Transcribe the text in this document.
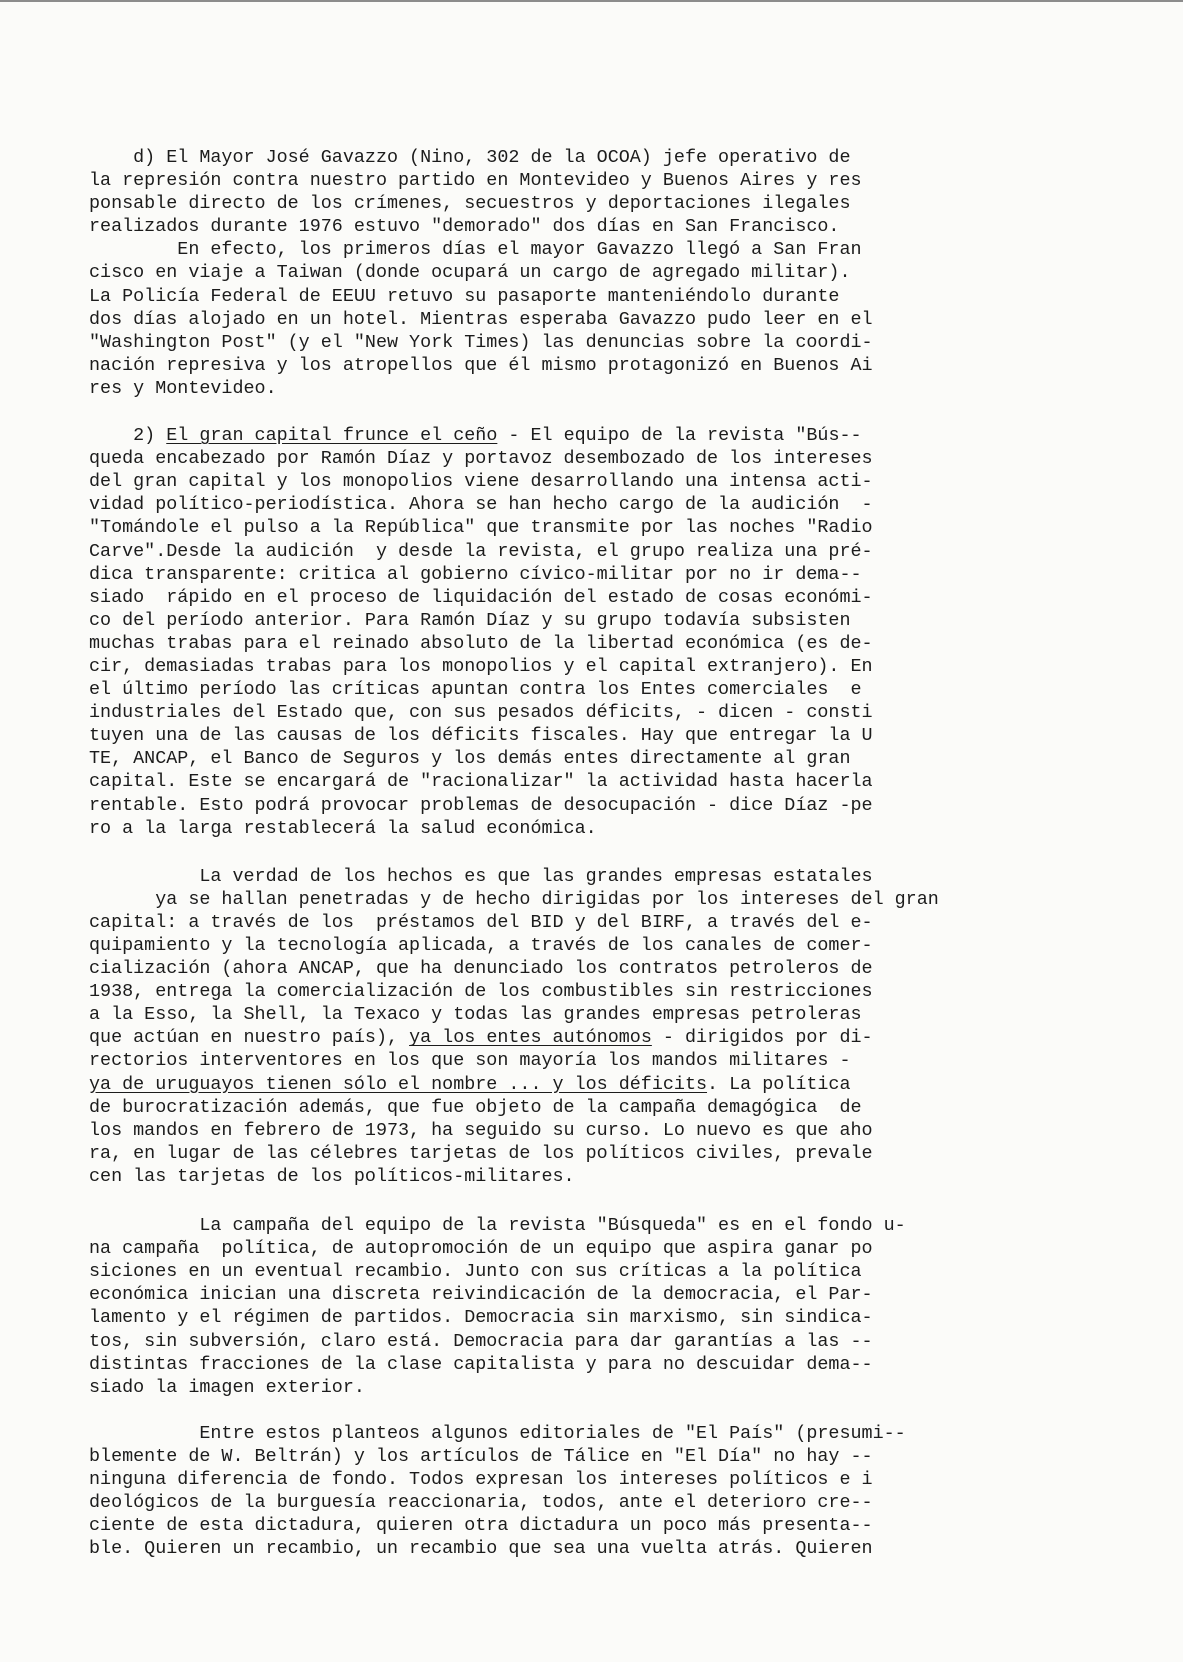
d) El Mayor José Gavazzo (Nino, 302 de la OCOA) jefe operativo de
la represión contra nuestro partido en Montevideo y Buenos Aires y res
ponsable directo de los crímenes, secuestros y deportaciones ilegales
realizados durante 1976 estuvo "demorado" dos días en San Francisco.
En efecto, los primeros días el mayor Gavazzo llegó a San Fran
cisco en viaje a Taiwan (donde ocupará un cargo de agregado militar).
La Policía Federal de EEUU retuvo su pasaporte manteniéndolo durante
dos días alojado en un hotel. Mientras esperaba Gavazzo pudo leer en el
"Washington Post" (y el "New York Times) las denuncias sobre la coordi-
nación represiva y los atropellos que él mismo protagonizó en Buenos Ai
res y Montevideo.
2) El gran capital frunce el ceño - El equipo de la revista "Bús--
queda encabezado por Ramón Díaz y portavoz desembozado de los intereses
del gran capital y los monopolios viene desarrollando una intensa acti-
vidad político-periodística. Ahora se han hecho cargo de la audición  -
"Tomándole el pulso a la República" que transmite por las noches "Radio
Carve".Desde la audición  y desde la revista, el grupo realiza una pré-
dica transparente: critica al gobierno cívico-militar por no ir dema--
siado  rápido en el proceso de liquidación del estado de cosas económi-
co del período anterior. Para Ramón Díaz y su grupo todavía subsisten
muchas trabas para el reinado absoluto de la libertad económica (es de-
cir, demasiadas trabas para los monopolios y el capital extranjero). En
el último período las críticas apuntan contra los Entes comerciales  e
industriales del Estado que, con sus pesados déficits, - dicen - consti
tuyen una de las causas de los déficits fiscales. Hay que entregar la U
TE, ANCAP, el Banco de Seguros y los demás entes directamente al gran
capital. Este se encargará de "racionalizar" la actividad hasta hacerla
rentable. Esto podrá provocar problemas de desocupación - dice Díaz -pe
ro a la larga restablecerá la salud económica.
La verdad de los hechos es que las grandes empresas estatales
ya se hallan penetradas y de hecho dirigidas por los intereses del gran
capital: a través de los  préstamos del BID y del BIRF, a través del e-
quipamiento y la tecnología aplicada, a través de los canales de comer-
cialización (ahora ANCAP, que ha denunciado los contratos petroleros de
1938, entrega la comercialización de los combustibles sin restricciones
a la Esso, la Shell, la Texaco y todas las grandes empresas petroleras
que actúan en nuestro país), ya los entes autónomos - dirigidos por di-
rectorios interventores en los que son mayoría los mandos militares -
ya de uruguayos tienen sólo el nombre ... y los déficits. La política
de burocratización además, que fue objeto de la campaña demagógica  de
los mandos en febrero de 1973, ha seguido su curso. Lo nuevo es que aho
ra, en lugar de las célebres tarjetas de los políticos civiles, prevale
cen las tarjetas de los políticos-militares.
La campaña del equipo de la revista "Búsqueda" es en el fondo u-
na campaña  política, de autopromoción de un equipo que aspira ganar po
siciones en un eventual recambio. Junto con sus críticas a la política
económica inician una discreta reivindicación de la democracia, el Par-
lamento y el régimen de partidos. Democracia sin marxismo, sin sindica-
tos, sin subversión, claro está. Democracia para dar garantías a las --
distintas fracciones de la clase capitalista y para no descuidar dema--
siado la imagen exterior.
Entre estos planteos algunos editoriales de "El País" (presumi--
blemente de W. Beltrán) y los artículos de Tálice en "El Día" no hay --
ninguna diferencia de fondo. Todos expresan los intereses políticos e i
deológicos de la burguesía reaccionaria, todos, ante el deterioro cre--
ciente de esta dictadura, quieren otra dictadura un poco más presenta--
ble. Quieren un recambio, un recambio que sea una vuelta atrás. Quieren
